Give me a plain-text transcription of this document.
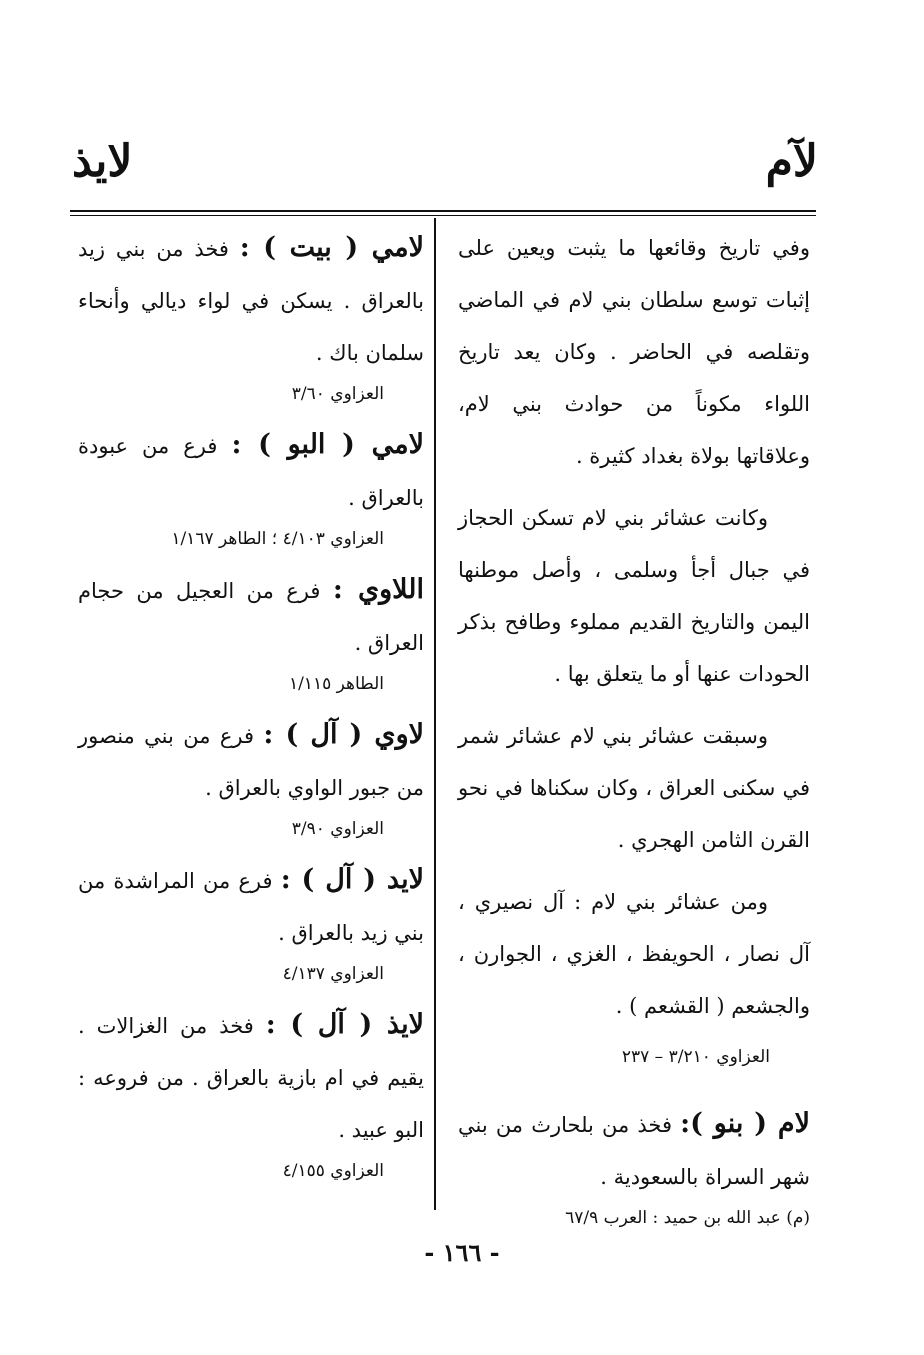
لآم
لايذ

وفي تاريخ وقائعها ما يثبت ويعين على إثبات توسع سلطان بني لام في الماضي وتقلصه في الحاضر . وكان يعد تاريخ اللواء مكوناً من حوادث بني لام، وعلاقاتها بولاة بغداد كثيرة .

وكانت عشائر بني لام تسكن الحجاز في جبال أجأ وسلمى ، وأصل موطنها اليمن والتاريخ القديم مملوء وطافح بذكر الحودات عنها أو ما يتعلق بها .

وسبقت عشائر بني لام عشائر شمر في سكنى العراق ، وكان سكناها في نحو القرن الثامن الهجري .

ومن عشائر بني لام : آل نصيري ، آل نصار ، الحويفظ ، الغزي ، الجوارن ، والجشعم ( القشعم ) .

العزاوي ٣/٢١٠ – ٢٣٧

لام ( بنو ): فخذ من بلحارث من بني شهر السراة بالسعودية .

(م) عبد الله بن حميد : العرب ٦٧/٩

لامي ( بيت ) : فخذ من بني زيد بالعراق . يسكن في لواء ديالي وأنحاء سلمان باك .

العزاوي ٣/٦٠

لامي ( البو ) : فرع من عبودة بالعراق .

العزاوي ٤/١٠٣ ؛ الطاهر ١/١٦٧

اللاوي : فرع من العجيل من حجام العراق .

الطاهر ١/١١٥

لاوي ( آل ) : فرع من بني منصور من جبور الواوي بالعراق .

العزاوي ٣/٩٠

لايد ( آل ) : فرع من المراشدة من بني زيد بالعراق .

العزاوي ٤/١٣٧

لايذ ( آل ) : فخذ من الغزالات . يقيم في ام بازية بالعراق . من فروعه : البو عبيد .

العزاوي ٤/١٥٥
- ١٦٦ -
